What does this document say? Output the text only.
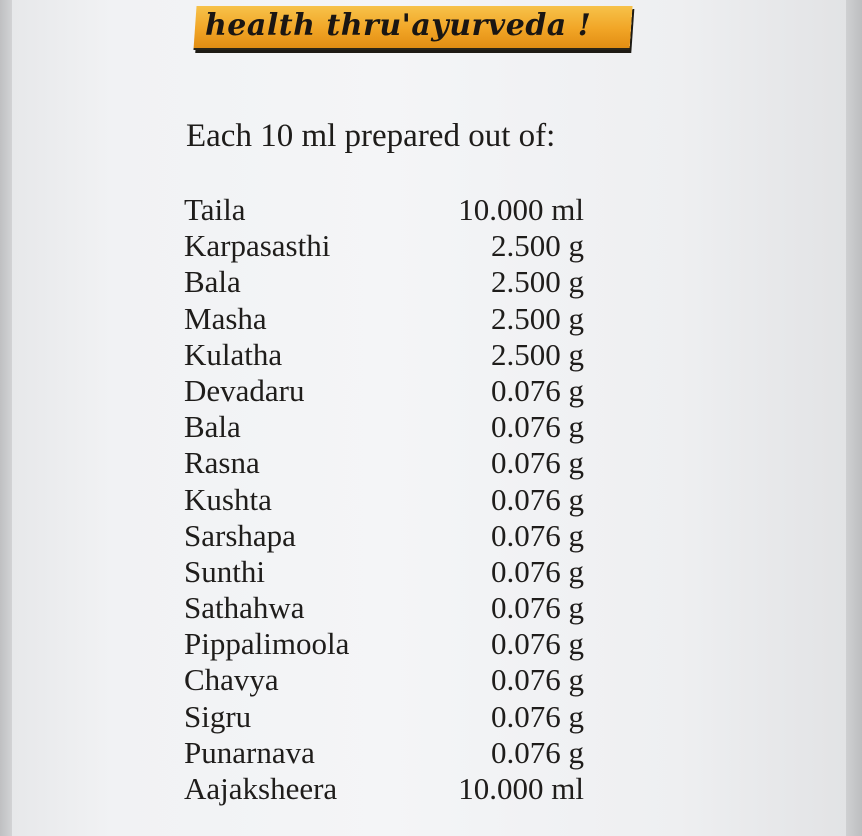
health thru'ayurveda !
Each 10 ml prepared out of:
Taila	10.000 ml
Karpasasthi	2.500 g
Bala	2.500 g
Masha	2.500 g
Kulatha	2.500 g
Devadaru	0.076 g
Bala	0.076 g
Rasna	0.076 g
Kushta	0.076 g
Sarshapa	0.076 g
Sunthi	0.076 g
Sathahwa	0.076 g
Pippalimoola	0.076 g
Chavya	0.076 g
Sigru	0.076 g
Punarnava	0.076 g
Aajaksheera	10.000 ml
